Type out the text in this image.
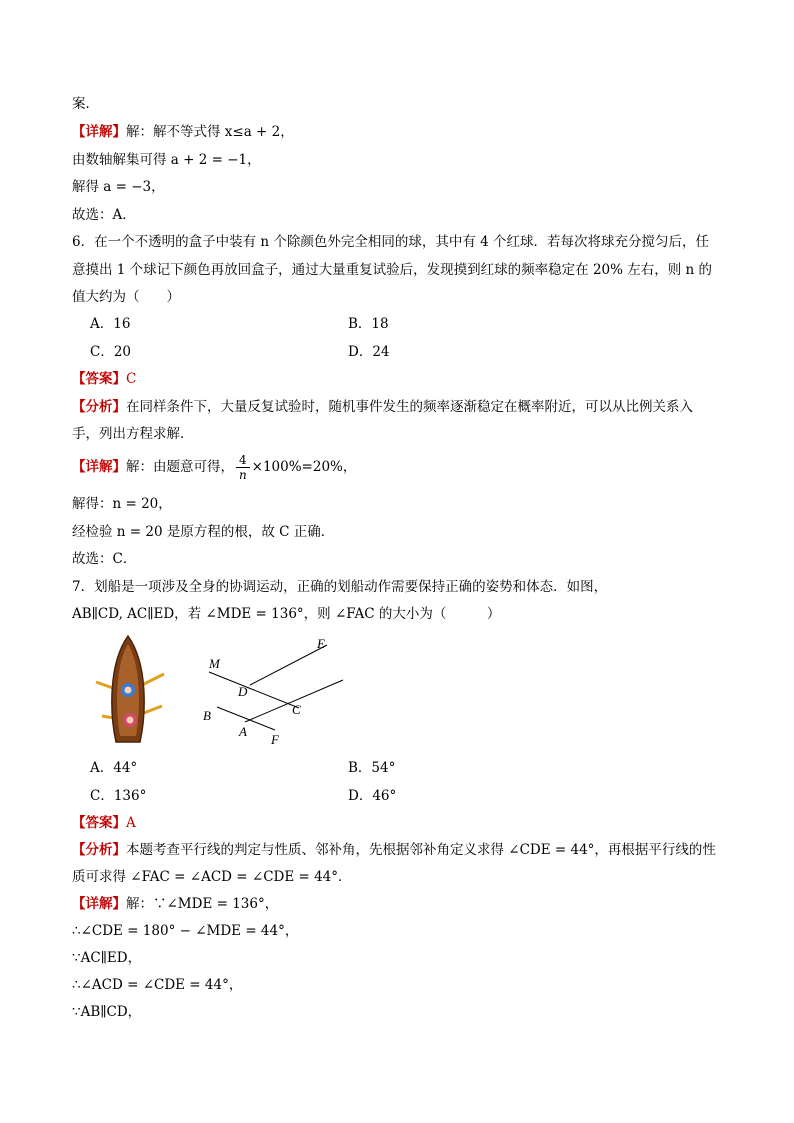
案．
【详解】解：解不等式得 x≤a + 2，
由数轴解集可得 a + 2 = −1，
解得 a = −3，
故选：A．
6．在一个不透明的盒子中装有 n 个除颜色外完全相同的球，其中有 4 个红球．若每次将球充分搅匀后，任
意摸出 1 个球记下颜色再放回盒子，通过大量重复试验后，发现摸到红球的频率稳定在 20% 左右，则 n 的
值大约为（　　）
A．16	B．18
C．20	D．24
【答案】C
【分析】在同样条件下，大量反复试验时，随机事件发生的频率逐渐稳定在概率附近，可以从比例关系入
手，列出方程求解．
【详解】解：由题意可得， $\frac{4}{n} \times 100\%=20\%$，
解得：n = 20，
经检验 n = 20 是原方程的根，故 C 正确．
故选：C．
7．划船是一项涉及全身的协调运动，正确的划船动作需要保持正确的姿势和体态．如图，
AB∥CD, AC∥ED，若 ∠MDE = 136°，则 ∠FAC 的大小为（　　　）
M
E
D
C
B
A
F
A．44°	B．54°
C．136°	D．46°
【答案】A
【分析】本题考查平行线的判定与性质、邻补角，先根据邻补角定义求得 ∠CDE = 44°，再根据平行线的性
质可求得 ∠FAC = ∠ACD = ∠CDE = 44°．
【详解】解：∵∠MDE = 136°，
∴∠CDE = 180° − ∠MDE = 44°，
∵AC∥ED，
∴∠ACD = ∠CDE = 44°，
∵AB∥CD，
